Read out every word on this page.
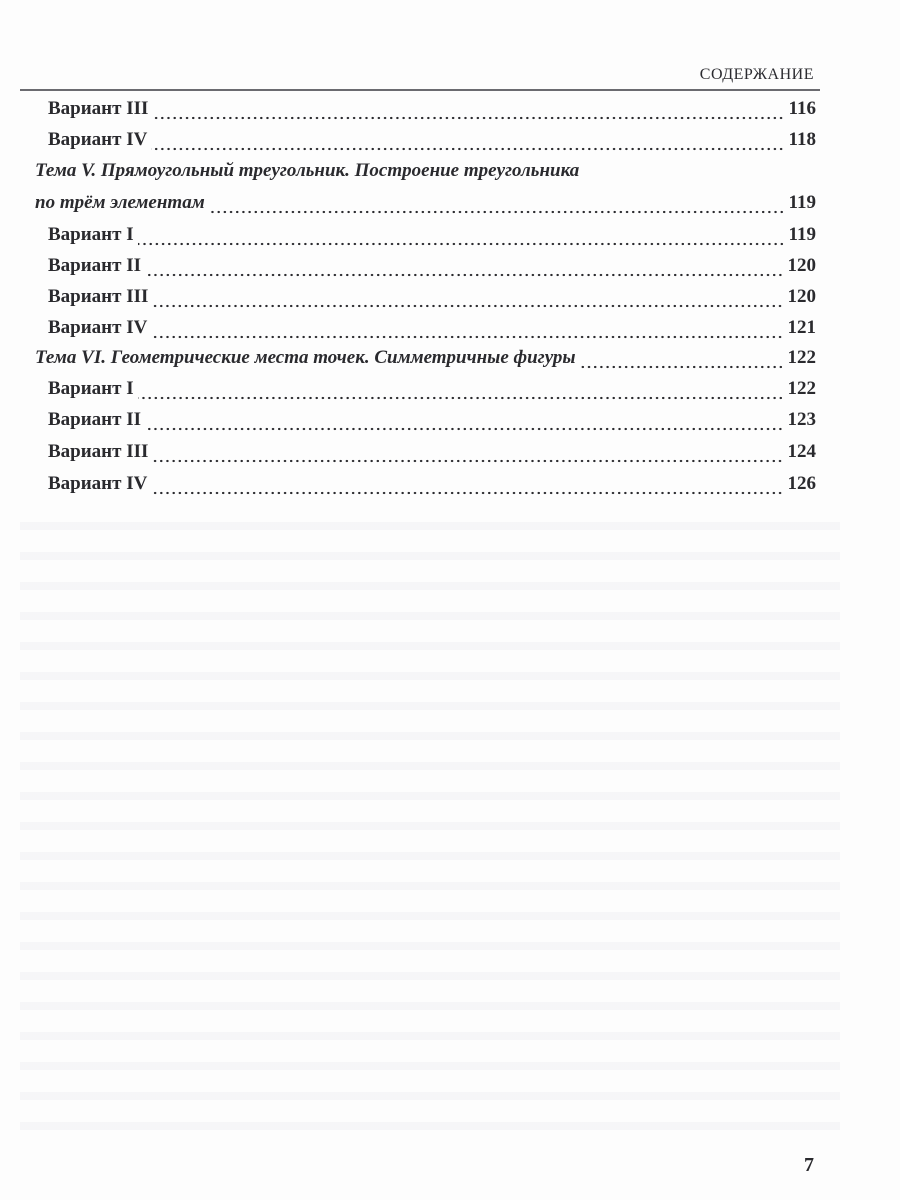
СОДЕРЖАНИЕ
Вариант III	116
Вариант IV	118
Тема V. Прямоугольный треугольник. Построение треугольника
по трём элементам	119
Вариант I	119
Вариант II	120
Вариант III	120
Вариант IV	121
Тема VI. Геометрические места точек. Симметричные фигуры	122
Вариант I	122
Вариант II	123
Вариант III	124
Вариант IV	126
7
